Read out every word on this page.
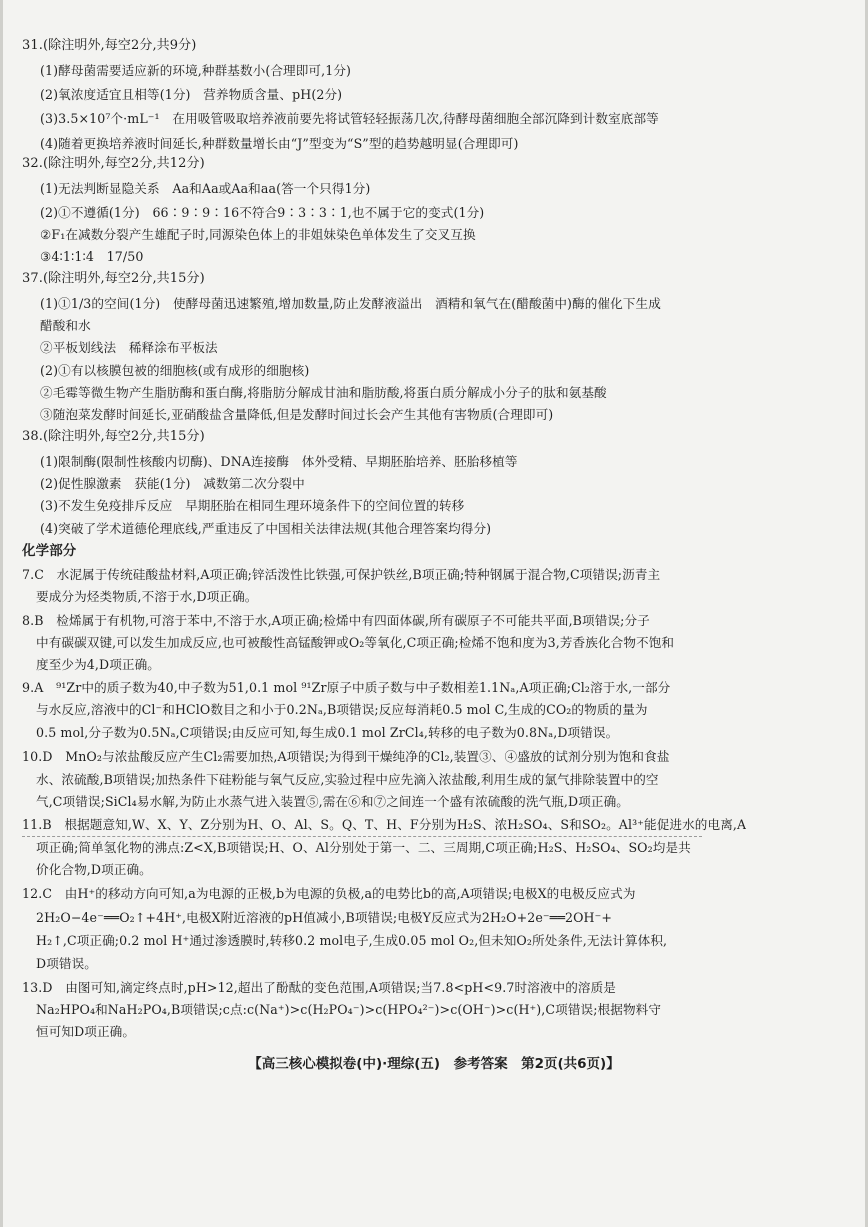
31.(除注明外,每空2分,共9分)
(1)酵母菌需要适应新的环境,种群基数小(合理即可,1分)
(2)氧浓度适宜且相等(1分)　营养物质含量、pH(2分)
(3)3.5×10⁷个·mL⁻¹　在用吸管吸取培养液前要先将试管轻轻振荡几次,待酵母菌细胞全部沉降到计数室底部等
(4)随着更换培养液时间延长,种群数量增长由“J”型变为“S”型的趋势越明显(合理即可)
32.(除注明外,每空2分,共12分)
(1)无法判断显隐关系　Aa和Aa或Aa和aa(答一个只得1分)
(2)①不遵循(1分)　66∶9∶9∶16不符合9∶3∶3∶1,也不属于它的变式(1分)
②F₁在减数分裂产生雄配子时,同源染色体上的非姐妹染色单体发生了交叉互换
③4∶1∶1∶4　17/50
37.(除注明外,每空2分,共15分)
(1)①1/3的空间(1分)　使酵母菌迅速繁殖,增加数量,防止发酵液溢出　酒精和氧气在(醋酸菌中)酶的催化下生成
醋酸和水
②平板划线法　稀释涂布平板法
(2)①有以核膜包被的细胞核(或有成形的细胞核)
②毛霉等微生物产生脂肪酶和蛋白酶,将脂肪分解成甘油和脂肪酸,将蛋白质分解成小分子的肽和氨基酸
③随泡菜发酵时间延长,亚硝酸盐含量降低,但是发酵时间过长会产生其他有害物质(合理即可)
38.(除注明外,每空2分,共15分)
(1)限制酶(限制性核酸内切酶)、DNA连接酶　体外受精、早期胚胎培养、胚胎移植等
(2)促性腺激素　获能(1分)　减数第二次分裂中
(3)不发生免疫排斥反应　早期胚胎在相同生理环境条件下的空间位置的转移
(4)突破了学术道德伦理底线,严重违反了中国相关法律法规(其他合理答案均得分)
化学部分
7.C　水泥属于传统硅酸盐材料,A项正确;锌活泼性比铁强,可保护铁丝,B项正确;特种钢属于混合物,C项错误;沥青主
要成分为烃类物质,不溶于水,D项正确。
8.B　检烯属于有机物,可溶于苯中,不溶于水,A项正确;检烯中有四面体碳,所有碳原子不可能共平面,B项错误;分子
中有碳碳双键,可以发生加成反应,也可被酸性高锰酸钾或O₂等氧化,C项正确;检烯不饱和度为3,芳香族化合物不饱和
度至少为4,D项正确。
9.A　⁹¹Zr中的质子数为40,中子数为51,0.1 mol ⁹¹Zr原子中质子数与中子数相差1.1Nₐ,A项正确;Cl₂溶于水,一部分
与水反应,溶液中的Cl⁻和HClO数目之和小于0.2Nₐ,B项错误;反应每消耗0.5 mol C,生成的CO₂的物质的量为
0.5 mol,分子数为0.5Nₐ,C项错误;由反应可知,每生成0.1 mol ZrCl₄,转移的电子数为0.8Nₐ,D项错误。
10.D　MnO₂与浓盐酸反应产生Cl₂需要加热,A项错误;为得到干燥纯净的Cl₂,装置③、④盛放的试剂分别为饱和食盐
水、浓硫酸,B项错误;加热条件下硅粉能与氧气反应,实验过程中应先滴入浓盐酸,利用生成的氯气排除装置中的空
气,C项错误;SiCl₄易水解,为防止水蒸气进入装置⑤,需在⑥和⑦之间连一个盛有浓硫酸的洗气瓶,D项正确。
11.B　根据题意知,W、X、Y、Z分别为H、O、Al、S。Q、T、H、F分别为H₂S、浓H₂SO₄、S和SO₂。Al³⁺能促进水的电离,A
项正确;简单氢化物的沸点:Z<X,B项错误;H、O、Al分别处于第一、二、三周期,C项正确;H₂S、H₂SO₄、SO₂均是共
价化合物,D项正确。
12.C　由H⁺的移动方向可知,a为电源的正极,b为电源的负极,a的电势比b的高,A项错误;电极X的电极反应式为
2H₂O−4e⁻══O₂↑+4H⁺,电极X附近溶液的pH值减小,B项错误;电极Y反应式为2H₂O+2e⁻══2OH⁻+
H₂↑,C项正确;0.2 mol H⁺通过渗透膜时,转移0.2 mol电子,生成0.05 mol O₂,但未知O₂所处条件,无法计算体积,
D项错误。
13.D　由图可知,滴定终点时,pH>12,超出了酚酞的变色范围,A项错误;当7.8<pH<9.7时溶液中的溶质是
Na₂HPO₄和NaH₂PO₄,B项错误;c点:c(Na⁺)>c(H₂PO₄⁻)>c(HPO₄²⁻)>c(OH⁻)>c(H⁺),C项错误;根据物料守
恒可知D项正确。
【高三核心模拟卷(中)·理综(五)　参考答案　第2页(共6页)】
